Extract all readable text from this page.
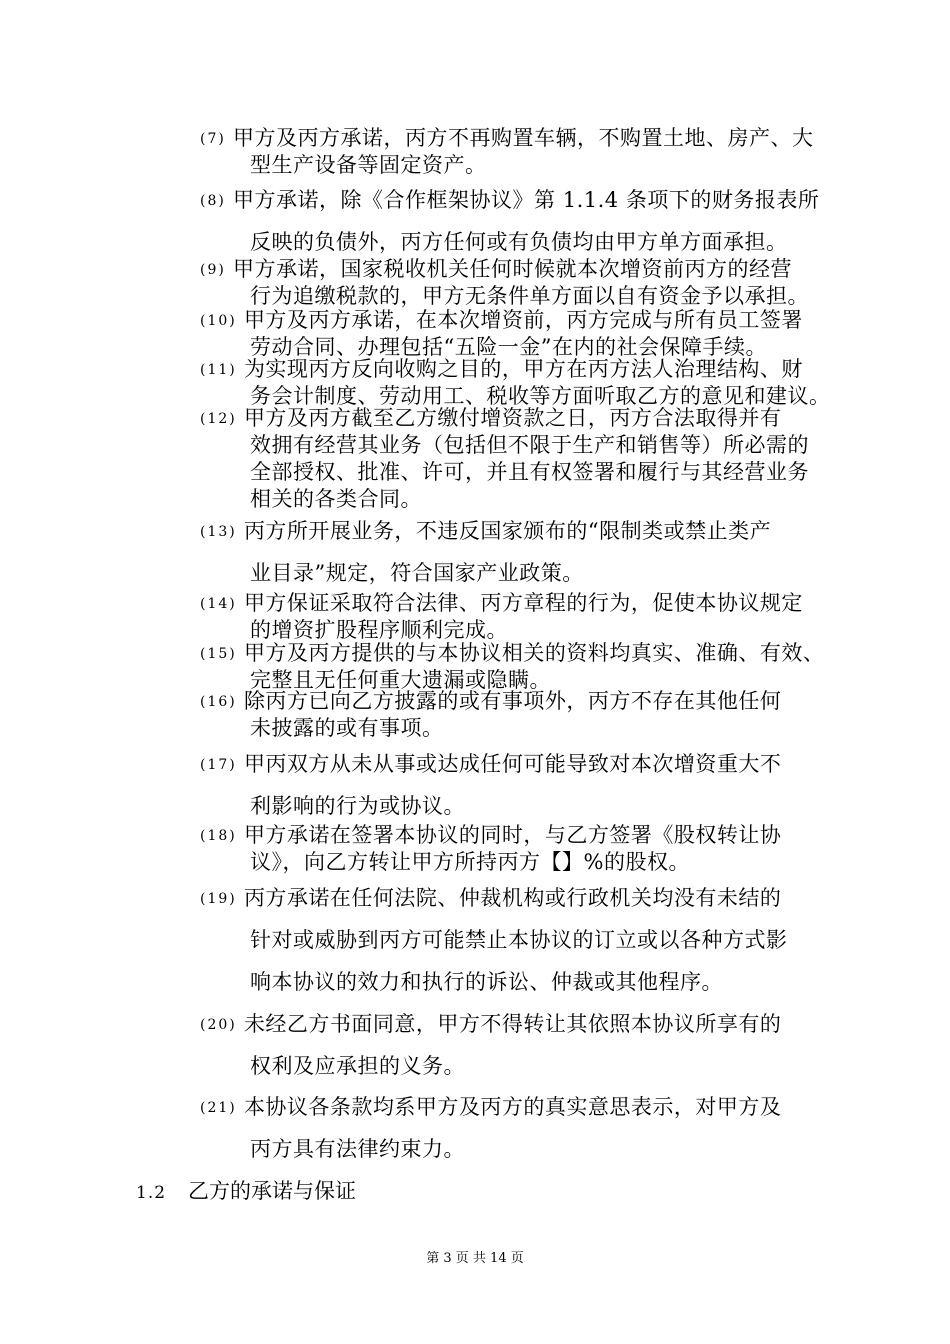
(7) 甲方及丙方承诺，丙方不再购置车辆，不购置土地、房产、大
型生产设备等固定资产。
(8) 甲方承诺，除《合作框架协议》第 1.1.4 条项下的财务报表所
反映的负债外，丙方任何或有负债均由甲方单方面承担。
(9) 甲方承诺，国家税收机关任何时候就本次增资前丙方的经营
行为追缴税款的，甲方无条件单方面以自有资金予以承担。
(10) 甲方及丙方承诺，在本次增资前，丙方完成与所有员工签署
劳动合同、办理包括“五险一金”在内的社会保障手续。
(11) 为实现丙方反向收购之目的，甲方在丙方法人治理结构、财
务会计制度、劳动用工、税收等方面听取乙方的意见和建议。
(12) 甲方及丙方截至乙方缴付增资款之日，丙方合法取得并有
效拥有经营其业务（包括但不限于生产和销售等）所必需的
全部授权、批准、许可，并且有权签署和履行与其经营业务
相关的各类合同。
(13) 丙方所开展业务，不违反国家颁布的“限制类或禁止类产
业目录”规定，符合国家产业政策。
(14) 甲方保证采取符合法律、丙方章程的行为，促使本协议规定
的增资扩股程序顺利完成。
(15) 甲方及丙方提供的与本协议相关的资料均真实、准确、有效、
完整且无任何重大遗漏或隐瞒。
(16) 除丙方已向乙方披露的或有事项外，丙方不存在其他任何
未披露的或有事项。
(17) 甲丙双方从未从事或达成任何可能导致对本次增资重大不
利影响的行为或协议。
(18) 甲方承诺在签署本协议的同时，与乙方签署《股权转让协
议》，向乙方转让甲方所持丙方【】%的股权。
(19) 丙方承诺在任何法院、仲裁机构或行政机关均没有未结的
针对或威胁到丙方可能禁止本协议的订立或以各种方式影
响本协议的效力和执行的诉讼、仲裁或其他程序。
(20) 未经乙方书面同意，甲方不得转让其依照本协议所享有的
权利及应承担的义务。
(21) 本协议各条款均系甲方及丙方的真实意思表示，对甲方及
丙方具有法律约束力。
1.2 乙方的承诺与保证
第 3 页 共 14 页
